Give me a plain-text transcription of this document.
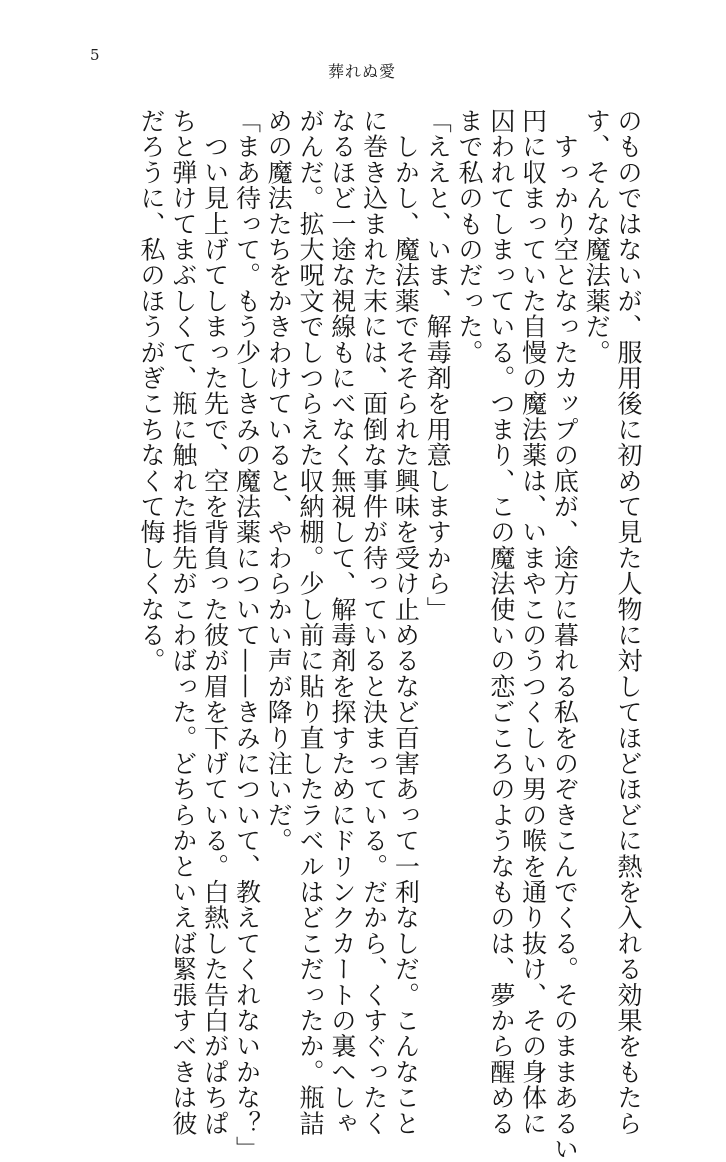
5
葬れぬ愛

のものではないが、服用後に初めて見た人物に対してほどほどに熱を入れる効果をもたら

す、そんな魔法薬だ。

　すっかり空となったカップの底が、途方に暮れる私をのぞきこんでくる。そのままあるい

円に収まっていた自慢の魔法薬は、いまやこのうつくしい男の喉を通り抜け、その身体に

囚われてしまっている。つまり、この魔法使いの恋ごころのようなものは、夢から醒める

まで私のものだった。

「ええと、いま、解毒剤を用意しますから」

　しかし、魔法薬でそそられた興味を受け止めるなど百害あって一利なしだ。こんなこと

に巻き込まれた末には、面倒な事件が待っていると決まっている。だから、くすぐったく

なるほど一途な視線もにべなく無視して、解毒剤を探すためにドリンクカートの裏へしゃ

がんだ。拡大呪文でしつらえた収納棚。少し前に貼り直したラベルはどこだったか。瓶詰

めの魔法たちをかきわけていると、やわらかい声が降り注いだ。

「まあ待って。もう少しきみの魔法薬について——きみについて、教えてくれないかな？」

　つい見上げてしまった先で、空を背負った彼が眉を下げている。白熱した告白がぱちぱ

ちと弾けてまぶしくて、瓶に触れた指先がこわばった。どちらかといえば緊張すべきは彼

だろうに、私のほうがぎこちなくて悔しくなる。
